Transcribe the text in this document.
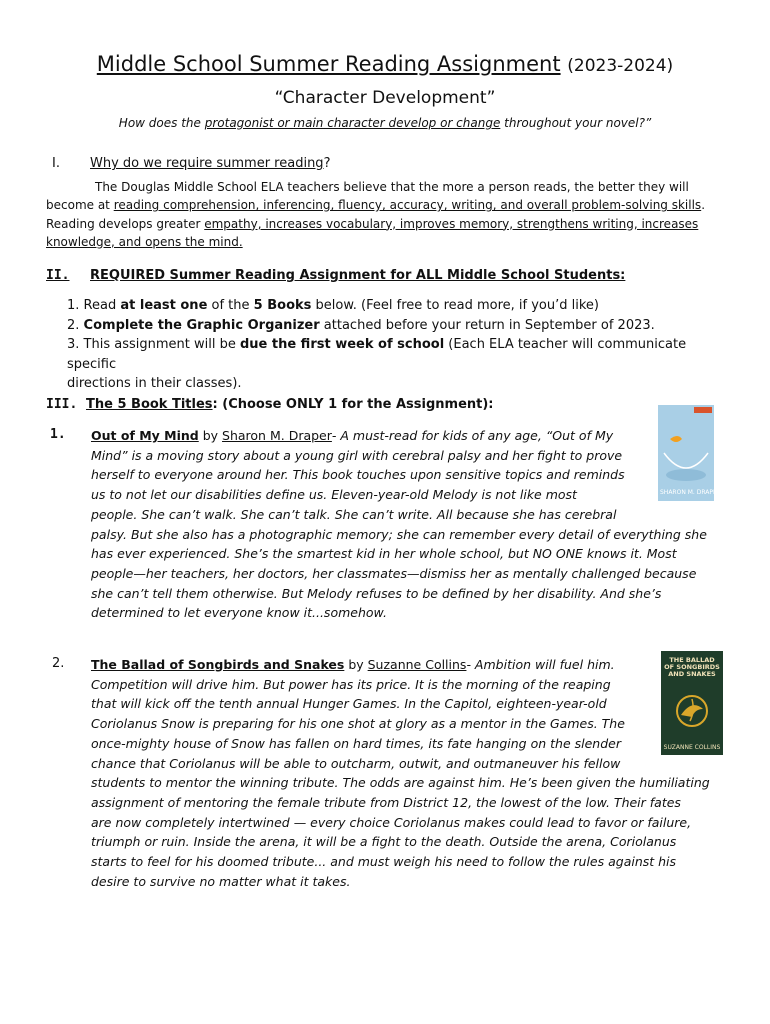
Middle School Summer Reading Assignment (2023-2024)
“Character Development”
How does the protagonist or main character develop or change throughout your novel?”
I. Why do we require summer reading?
The Douglas Middle School ELA teachers believe that the more a person reads, the better they will
become at reading comprehension, inferencing, fluency, accuracy, writing, and overall problem-solving skills.
Reading develops greater empathy, increases vocabulary, improves memory, strengthens writing, increases
knowledge, and opens the mind.
II. REQUIRED Summer Reading Assignment for ALL Middle School Students:
1. Read at least one of the 5 Books below. (Feel free to read more, if you’d like)
2. Complete the Graphic Organizer attached before your return in September of 2023.
3. This assignment will be due the first week of school (Each ELA teacher will communicate specific
directions in their classes).
III. The 5 Book Titles: (Choose ONLY 1 for the Assignment):
1. Out of My Mind by Sharon M. Draper- A must-read for kids of any age, “Out of My
Mind” is a moving story about a young girl with cerebral palsy and her fight to prove
herself to everyone around her. This book touches upon sensitive topics and reminds
us to not let our disabilities define us. Eleven-year-old Melody is not like most
people. She can’t walk. She can’t talk. She can’t write. All because she has cerebral
palsy. But she also has a photographic memory; she can remember every detail of everything she
has ever experienced. She’s the smartest kid in her whole school, but NO ONE knows it. Most
people—her teachers, her doctors, her classmates—dismiss her as mentally challenged because
she can’t tell them otherwise. But Melody refuses to be defined by her disability. And she’s
determined to let everyone know it...somehow.
SHARON M. DRAPER
2. The Ballad of Songbirds and Snakes by Suzanne Collins- Ambition will fuel him.
Competition will drive him. But power has its price. It is the morning of the reaping
that will kick off the tenth annual Hunger Games. In the Capitol, eighteen-year-old
Coriolanus Snow is preparing for his one shot at glory as a mentor in the Games. The
once-mighty house of Snow has fallen on hard times, its fate hanging on the slender
chance that Coriolanus will be able to outcharm, outwit, and outmaneuver his fellow
students to mentor the winning tribute. The odds are against him. He’s been given the humiliating
assignment of mentoring the female tribute from District 12, the lowest of the low. Their fates
are now completely intertwined — every choice Coriolanus makes could lead to favor or failure,
triumph or ruin. Inside the arena, it will be a fight to the death. Outside the arena, Coriolanus
starts to feel for his doomed tribute... and must weigh his need to follow the rules against his
desire to survive no matter what it takes.
THE BALLAD OF SONGBIRDS AND SNAKES
SUZANNE COLLINS
